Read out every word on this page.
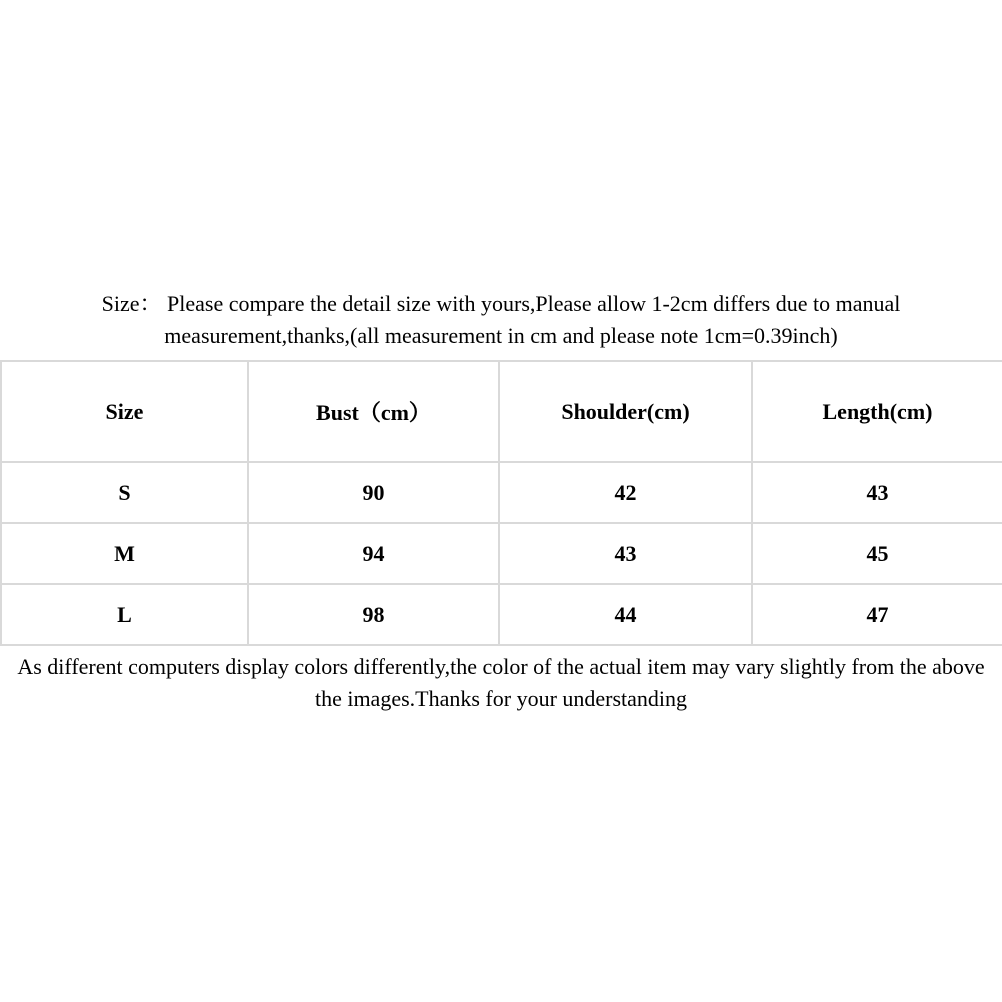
Size： Please compare the detail size with yours,Please allow 1-2cm differs due to manual
measurement,thanks,(all measurement in cm and please note 1cm=0.39inch)
Size	Bust（cm）	Shoulder(cm)	Length(cm)
S	90	42	43
M	94	43	45
L	98	44	47
As different computers display colors differently,the color of the actual item may vary slightly from the above
the images.Thanks for your understanding
